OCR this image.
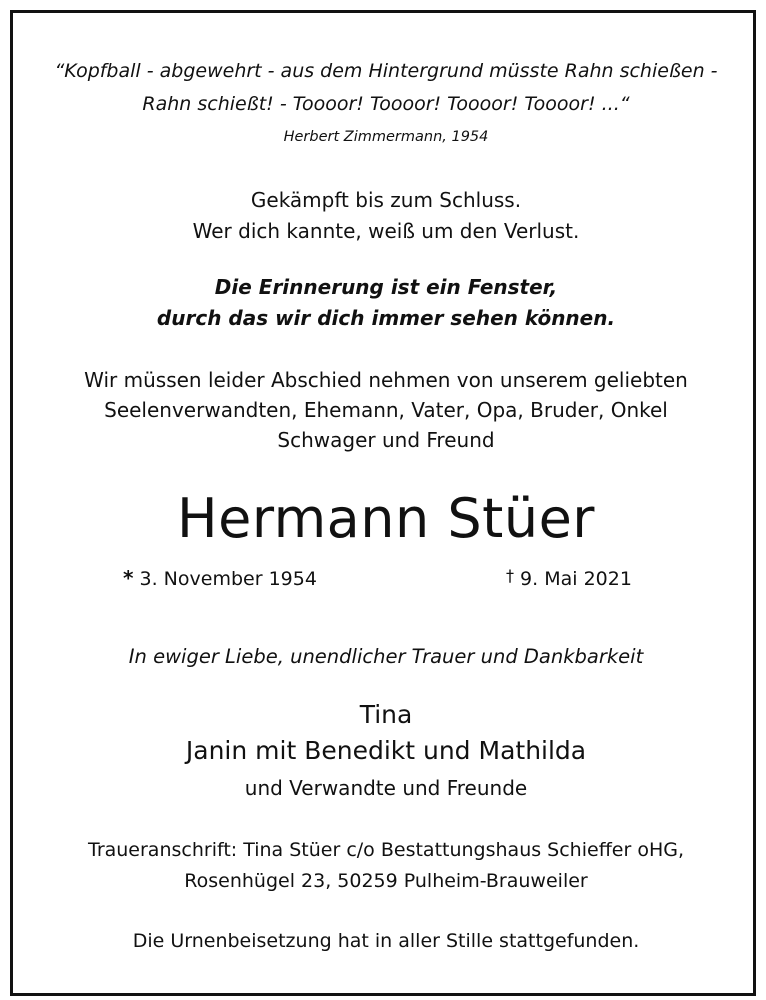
“Kopfball - abgewehrt - aus dem Hintergrund müsste Rahn schießen -
Rahn schießt! - Toooor! Toooor! Toooor! Toooor! ...“
Herbert Zimmermann, 1954
Gekämpft bis zum Schluss.
Wer dich kannte, weiß um den Verlust.
Die Erinnerung ist ein Fenster,
durch das wir dich immer sehen können.
Wir müssen leider Abschied nehmen von unserem geliebten
Seelenverwandten, Ehemann, Vater, Opa, Bruder, Onkel
Schwager und Freund
Hermann Stüer
* 3. November 1954	† 9. Mai 2021
In ewiger Liebe, unendlicher Trauer und Dankbarkeit
Tina
Janin mit Benedikt und Mathilda
und Verwandte und Freunde
Traueranschrift: Tina Stüer c/o Bestattungshaus Schieffer oHG,
Rosenhügel 23, 50259 Pulheim-Brauweiler
Die Urnenbeisetzung hat in aller Stille stattgefunden.
